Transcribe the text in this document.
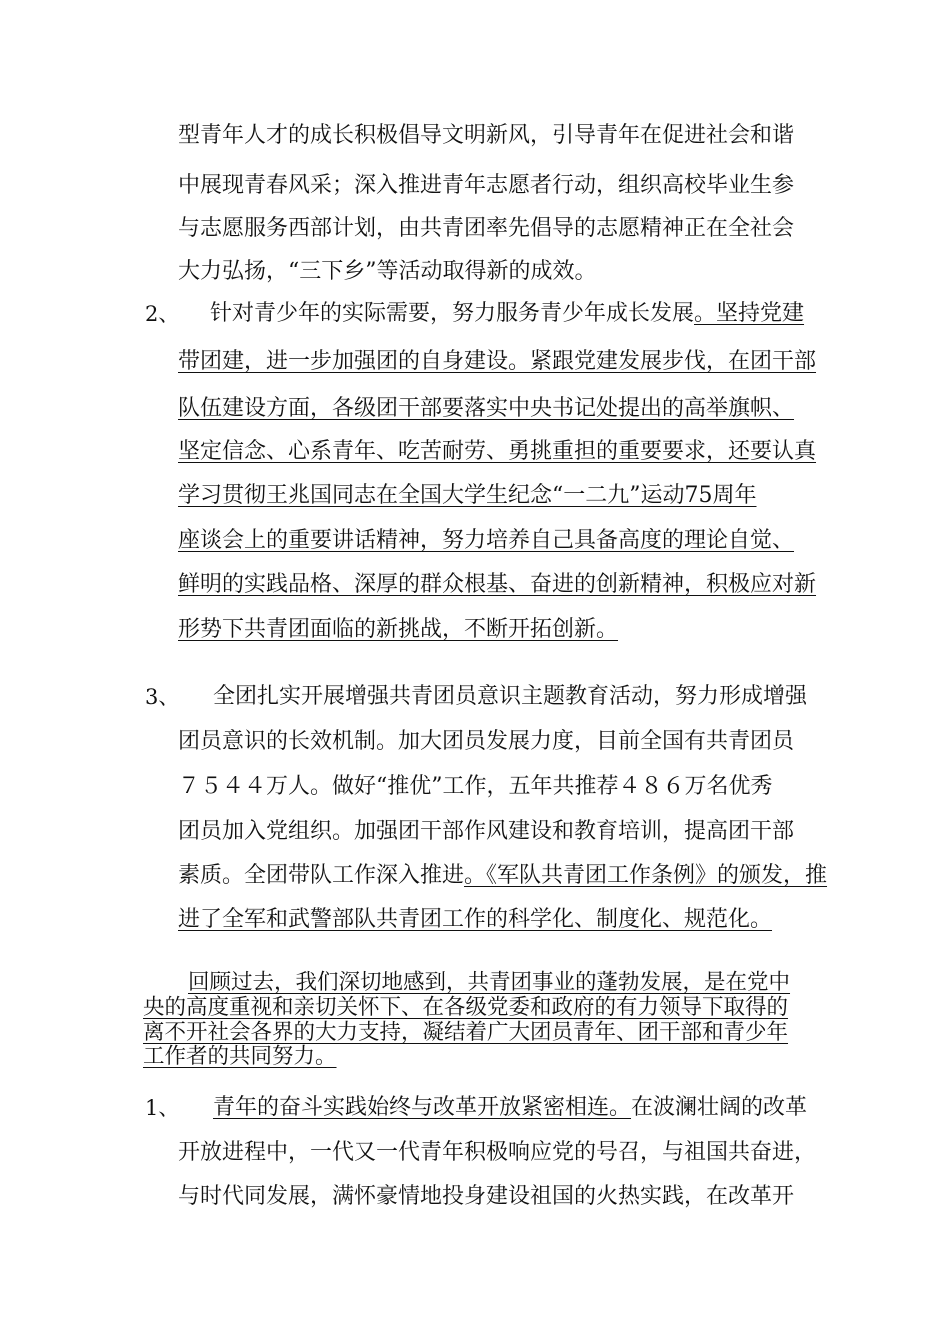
型青年人才的成长积极倡导文明新风，引导青年在促进社会和谐
中展现青春风采；深入推进青年志愿者行动，组织高校毕业生参
与志愿服务西部计划，由共青团率先倡导的志愿精神正在全社会
大力弘扬，“三下乡”等活动取得新的成效。
2、 针对青少年的实际需要，努力服务青少年成长发展。坚持党建
带团建，进一步加强团的自身建设。紧跟党建发展步伐，在团干部
队伍建设方面，各级团干部要落实中央书记处提出的高举旗帜、
坚定信念、心系青年、吃苦耐劳、勇挑重担的重要要求，还要认真
学习贯彻王兆国同志在全国大学生纪念“一二九”运动75周年
座谈会上的重要讲话精神，努力培养自己具备高度的理论自觉、
鲜明的实践品格、深厚的群众根基、奋进的创新精神，积极应对新
形势下共青团面临的新挑战，不断开拓创新。
3、 全团扎实开展增强共青团员意识主题教育活动，努力形成增强
团员意识的长效机制。加大团员发展力度，目前全国有共青团员
７５４４万人。做好“推优”工作，五年共推荐４８６万名优秀
团员加入党组织。加强团干部作风建设和教育培训，提高团干部
素质。全团带队工作深入推进。《军队共青团工作条例》的颁发，推
进了全军和武警部队共青团工作的科学化、制度化、规范化。
回顾过去，我们深切地感到，共青团事业的蓬勃发展，是在党中
央的高度重视和亲切关怀下、在各级党委和政府的有力领导下取得的
离不开社会各界的大力支持，凝结着广大团员青年、团干部和青少年
工作者的共同努力。
1、 青年的奋斗实践始终与改革开放紧密相连。在波澜壮阔的改革
开放进程中，一代又一代青年积极响应党的号召，与祖国共奋进，
与时代同发展，满怀豪情地投身建设祖国的火热实践，在改革开
